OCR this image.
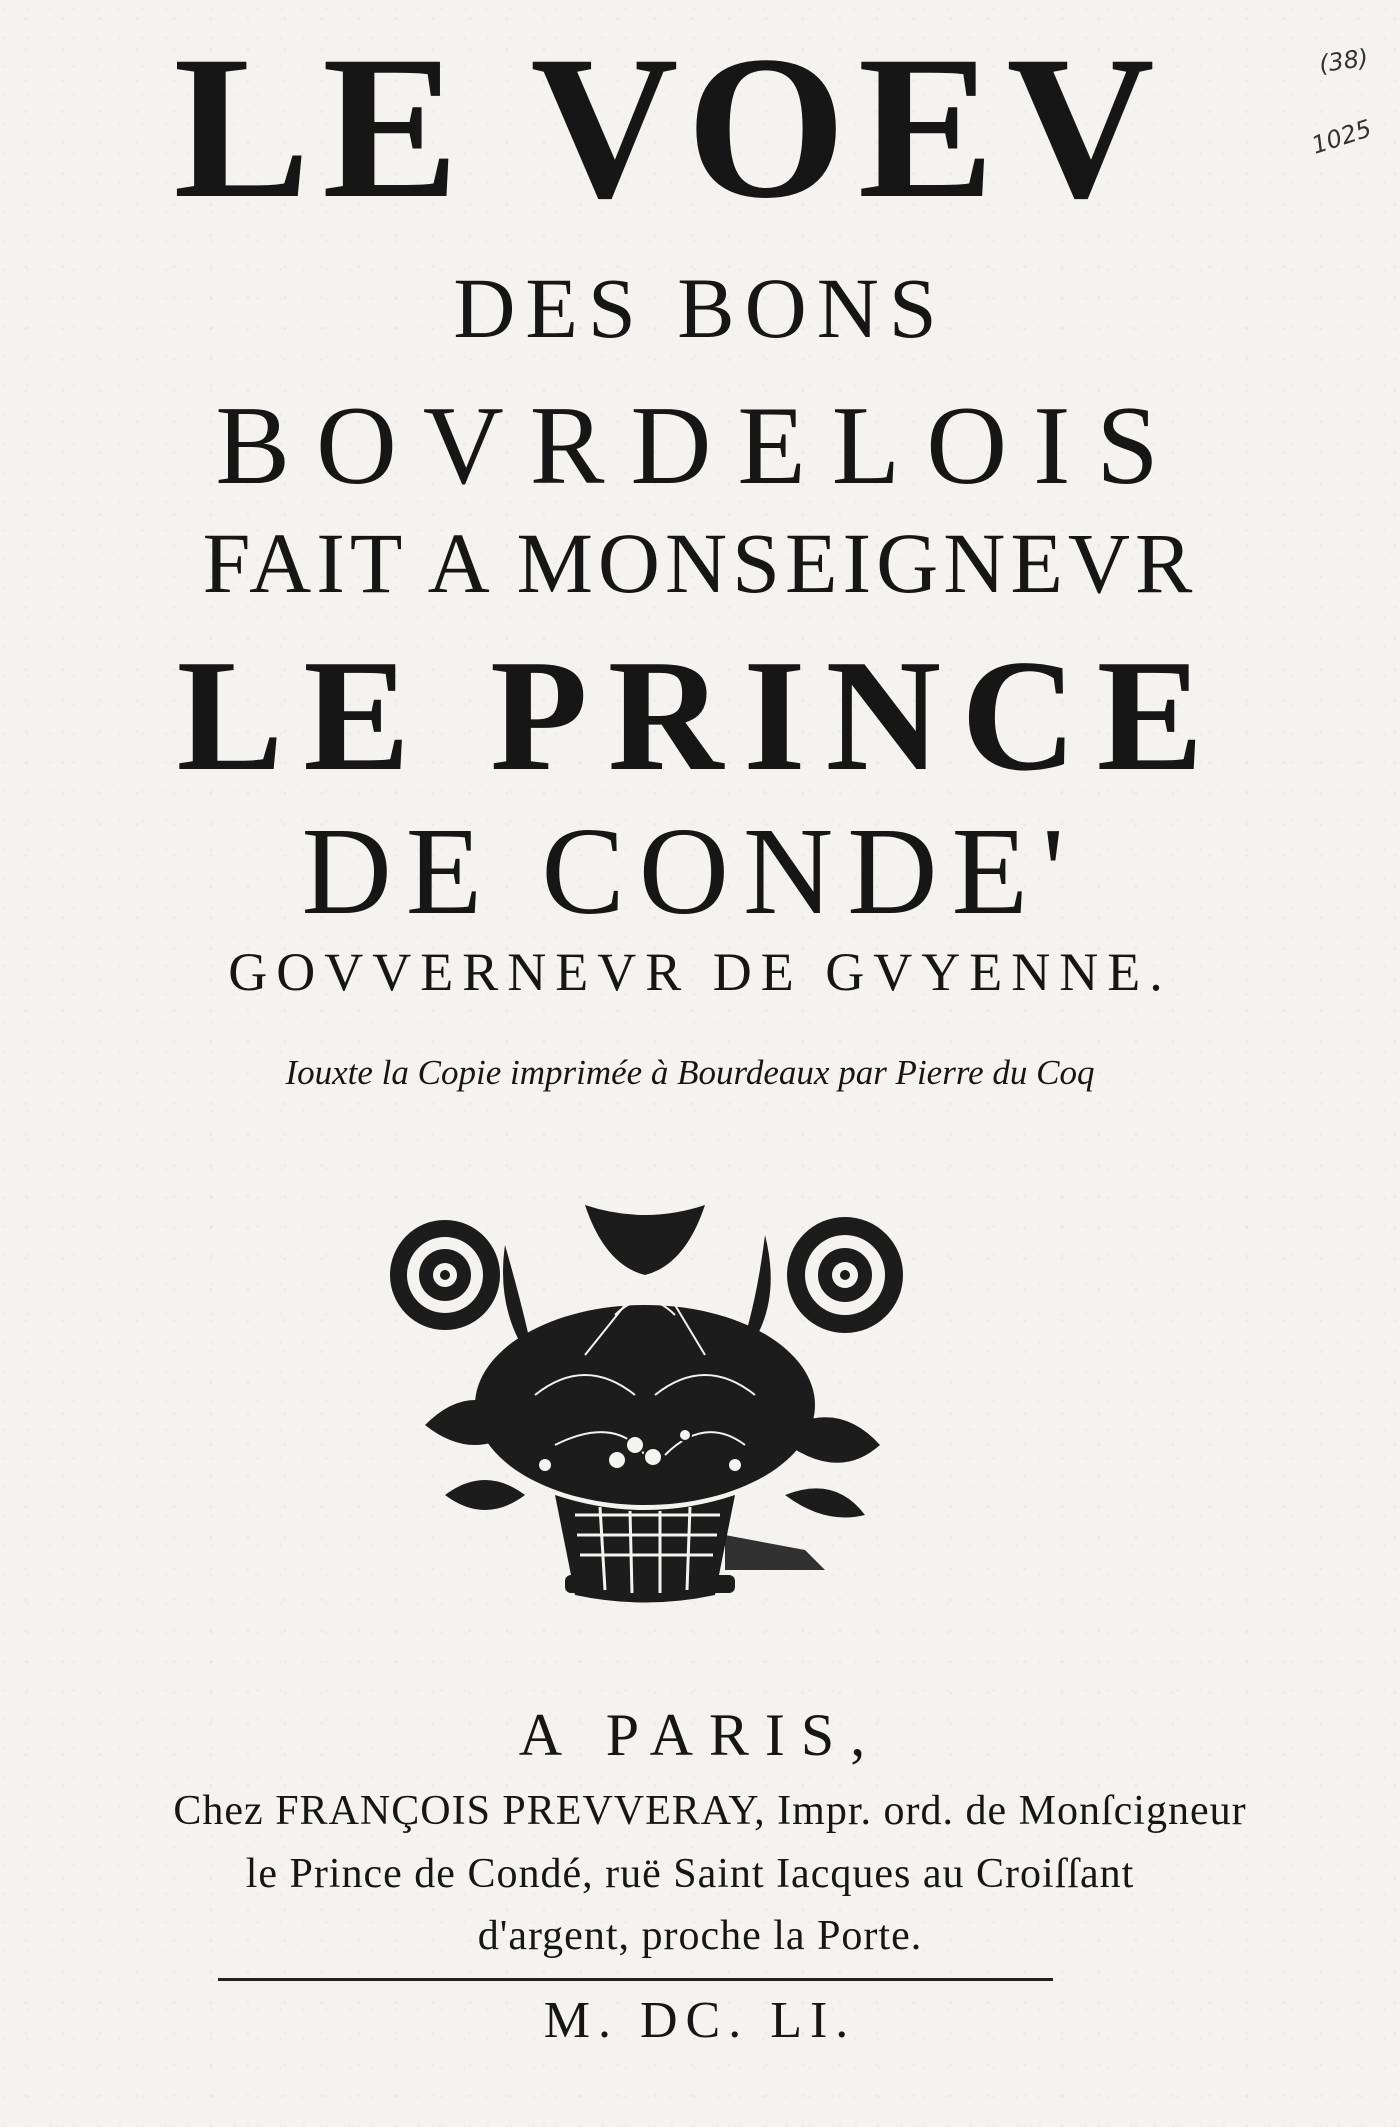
LE VOEV

DES BONS

BOVRDELOIS

FAIT A MONSEIGNEVR

LE PRINCE

DE CONDE'

GOVVERNEVR DE GVYENNE.

Iouxte la Copie imprimée à Bourdeaux par Pierre du Coq

A PARIS,

Chez FRANÇOIS PREVVERAY, Impr. ord. de Monſcigneur

le Prince de Condé, ruë Saint Iacques au Croiſſant

d'argent, proche la Porte.

M. DC. LI.

(38)
1025
